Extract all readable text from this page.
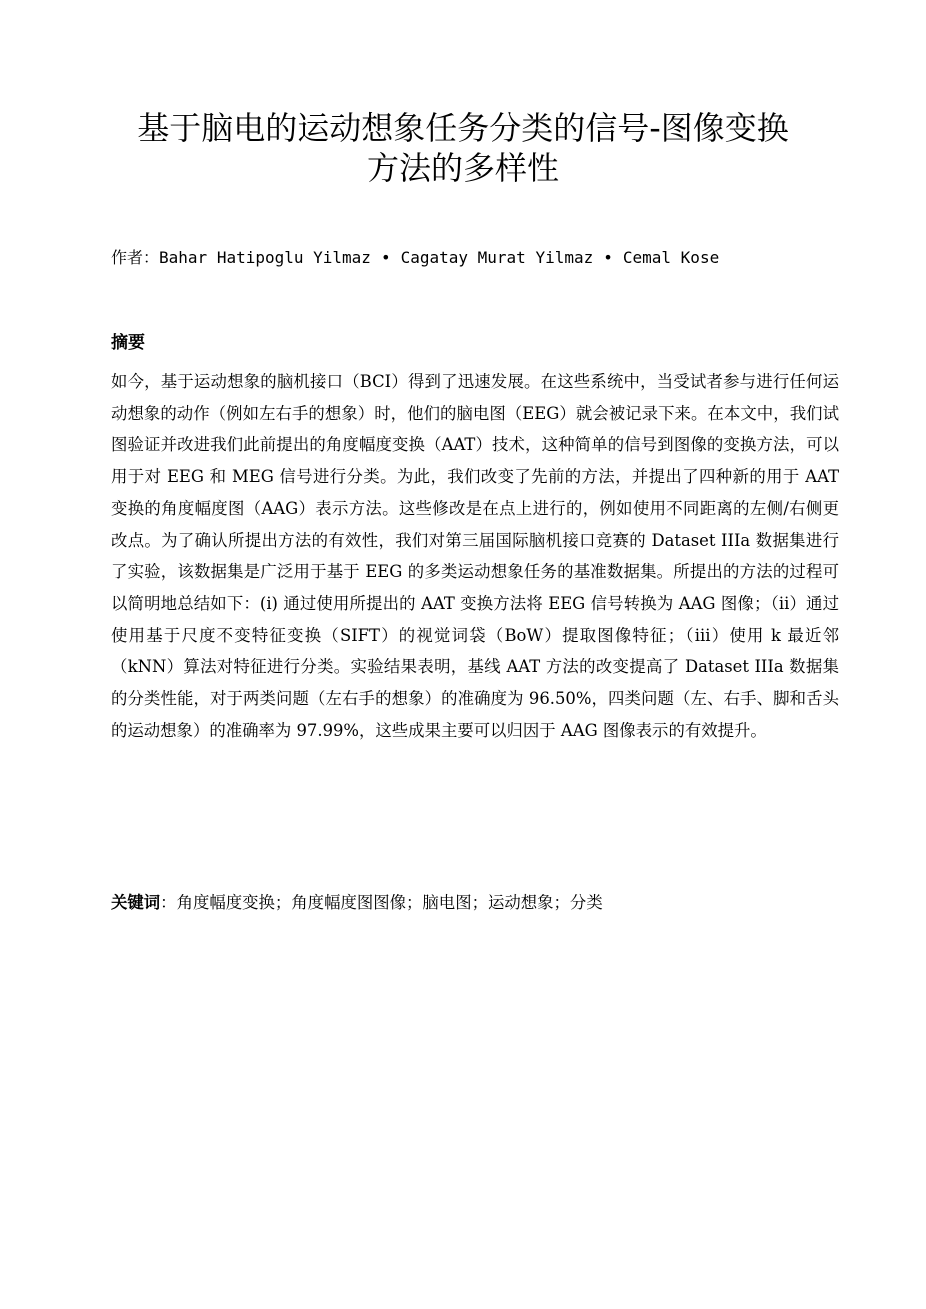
基于脑电的运动想象任务分类的信号-图像变换
方法的多样性
作者：Bahar Hatipoglu Yilmaz • Cagatay Murat Yilmaz • Cemal Kose
摘要

如今，基于运动想象的脑机接口（BCI）得到了迅速发展。在这些系统中，当受试者参与进行任何运动想象的动作（例如左右手的想象）时，他们的脑电图（EEG）就会被记录下来。在本文中，我们试图验证并改进我们此前提出的角度幅度变换（AAT）技术，这种简单的信号到图像的变换方法，可以用于对 EEG 和 MEG 信号进行分类。为此，我们改变了先前的方法，并提出了四种新的用于 AAT 变换的角度幅度图（AAG）表示方法。这些修改是在点上进行的，例如使用不同距离的左侧/右侧更改点。为了确认所提出方法的有效性，我们对第三届国际脑机接口竞赛的 Dataset IIIa 数据集进行了实验，该数据集是广泛用于基于 EEG 的多类运动想象任务的基准数据集。所提出的方法的过程可以简明地总结如下：(i) 通过使用所提出的 AAT 变换方法将 EEG 信号转换为 AAG 图像；（ii）通过使用基于尺度不变特征变换（SIFT）的视觉词袋（BoW）提取图像特征；（iii）使用 k 最近邻（kNN）算法对特征进行分类。实验结果表明，基线 AAT 方法的改变提高了 Dataset IIIa 数据集的分类性能，对于两类问题（左右手的想象）的准确度为 96.50%，四类问题（左、右手、脚和舌头的运动想象）的准确率为 97.99%，这些成果主要可以归因于 AAG 图像表示的有效提升。

关键词：角度幅度变换；角度幅度图图像；脑电图；运动想象；分类
